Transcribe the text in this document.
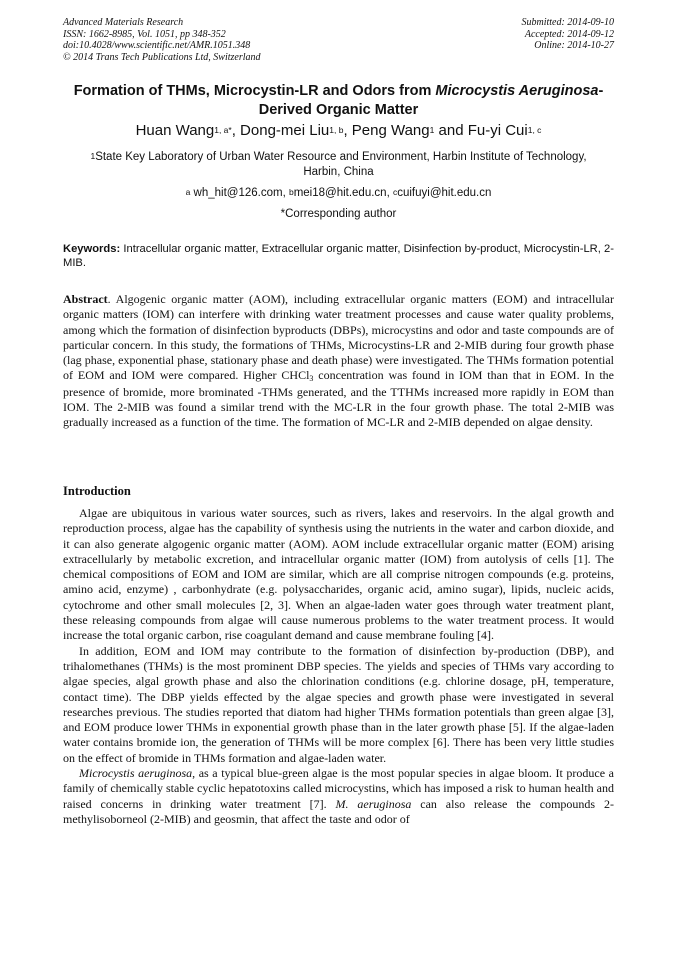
Advanced Materials Research
ISSN: 1662-8985, Vol. 1051, pp 348-352
doi:10.4028/www.scientific.net/AMR.1051.348
© 2014 Trans Tech Publications Ltd, Switzerland
Submitted: 2014-09-10
Accepted: 2014-09-12
Online: 2014-10-27
Formation of THMs, Microcystin-LR and Odors from Microcystis Aeruginosa- Derived Organic Matter
Huan Wang$^{1, a*}$, Dong-mei Liu$^{1, b}$, Peng Wang$^1$ and Fu-yi Cui$^{1, c}$
$^1$State Key Laboratory of Urban Water Resource and Environment, Harbin Institute of Technology,
Harbin, China
$^a$ wh_hit@126.com, $^b$mei18@hit.edu.cn, $^c$cuifuyi@hit.edu.cn
*Corresponding author
Keywords: Intracellular organic matter, Extracellular organic matter, Disinfection by-product, Microcystin-LR, 2-MIB.
Abstract. Algogenic organic matter (AOM), including extracellular organic matters (EOM) and intracellular organic matters (IOM) can interfere with drinking water treatment processes and cause water quality problems, among which the formation of disinfection byproducts (DBPs), microcystins and odor and taste compounds are of particular concern. In this study, the formations of THMs, Microcystins-LR and 2-MIB during four growth phase (lag phase, exponential phase, stationary phase and death phase) were investigated. The THMs formation potential of EOM and IOM were compared. Higher CHCl3 concentration was found in IOM than that in EOM. In the presence of bromide, more brominated -THMs generated, and the TTHMs increased more rapidly in EOM than IOM. The 2-MIB was found a similar trend with the MC-LR in the four growth phase. The total 2-MIB was gradually increased as a function of the time. The formation of MC-LR and 2-MIB depended on algae density.
Introduction

Algae are ubiquitous in various water sources, such as rivers, lakes and reservoirs. In the algal growth and reproduction process, algae has the capability of synthesis using the nutrients in the water and carbon dioxide, and it can also generate algogenic organic matter (AOM). AOM include extracellular organic matter (EOM) arising extracellularly by metabolic excretion, and intracellular organic matter (IOM) from autolysis of cells [1]. The chemical compositions of EOM and IOM are similar, which are all comprise nitrogen compounds (e.g. proteins, amino acid, enzyme) , carbonhydrate (e.g. polysaccharides, organic acid, amino sugar), lipids, nucleic acids, cytochrome and other small molecules [2, 3]. When an algae-laden water goes through water treatment plant, these releasing compounds from algae will cause numerous problems to the water treatment process. It would increase the total organic carbon, rise coagulant demand and cause membrane fouling [4].

In addition, EOM and IOM may contribute to the formation of disinfection by-production (DBP), and trihalomethanes (THMs) is the most prominent DBP species. The yields and species of THMs vary according to algae species, algal growth phase and also the chlorination conditions (e.g. chlorine dosage, pH, temperature, contact time). The DBP yields effected by the algae species and growth phase were investigated in several researches previous. The studies reported that diatom had higher THMs formation potentials than green algae [3], and EOM produce lower THMs in exponential growth phase than in the later growth phase [5]. If the algae-laden water contains bromide ion, the generation of THMs will be more complex [6]. There has been very little studies on the effect of bromide in THMs formation and algae-laden water.

Microcystis aeruginosa, as a typical blue-green algae is the most popular species in algae bloom. It produce a family of chemically stable cyclic hepatotoxins called microcystins, which has imposed a risk to human health and raised concerns in drinking water treatment [7]. M. aeruginosa can also release the compounds 2-methylisoborneol (2-MIB) and geosmin, that affect the taste and odor of
